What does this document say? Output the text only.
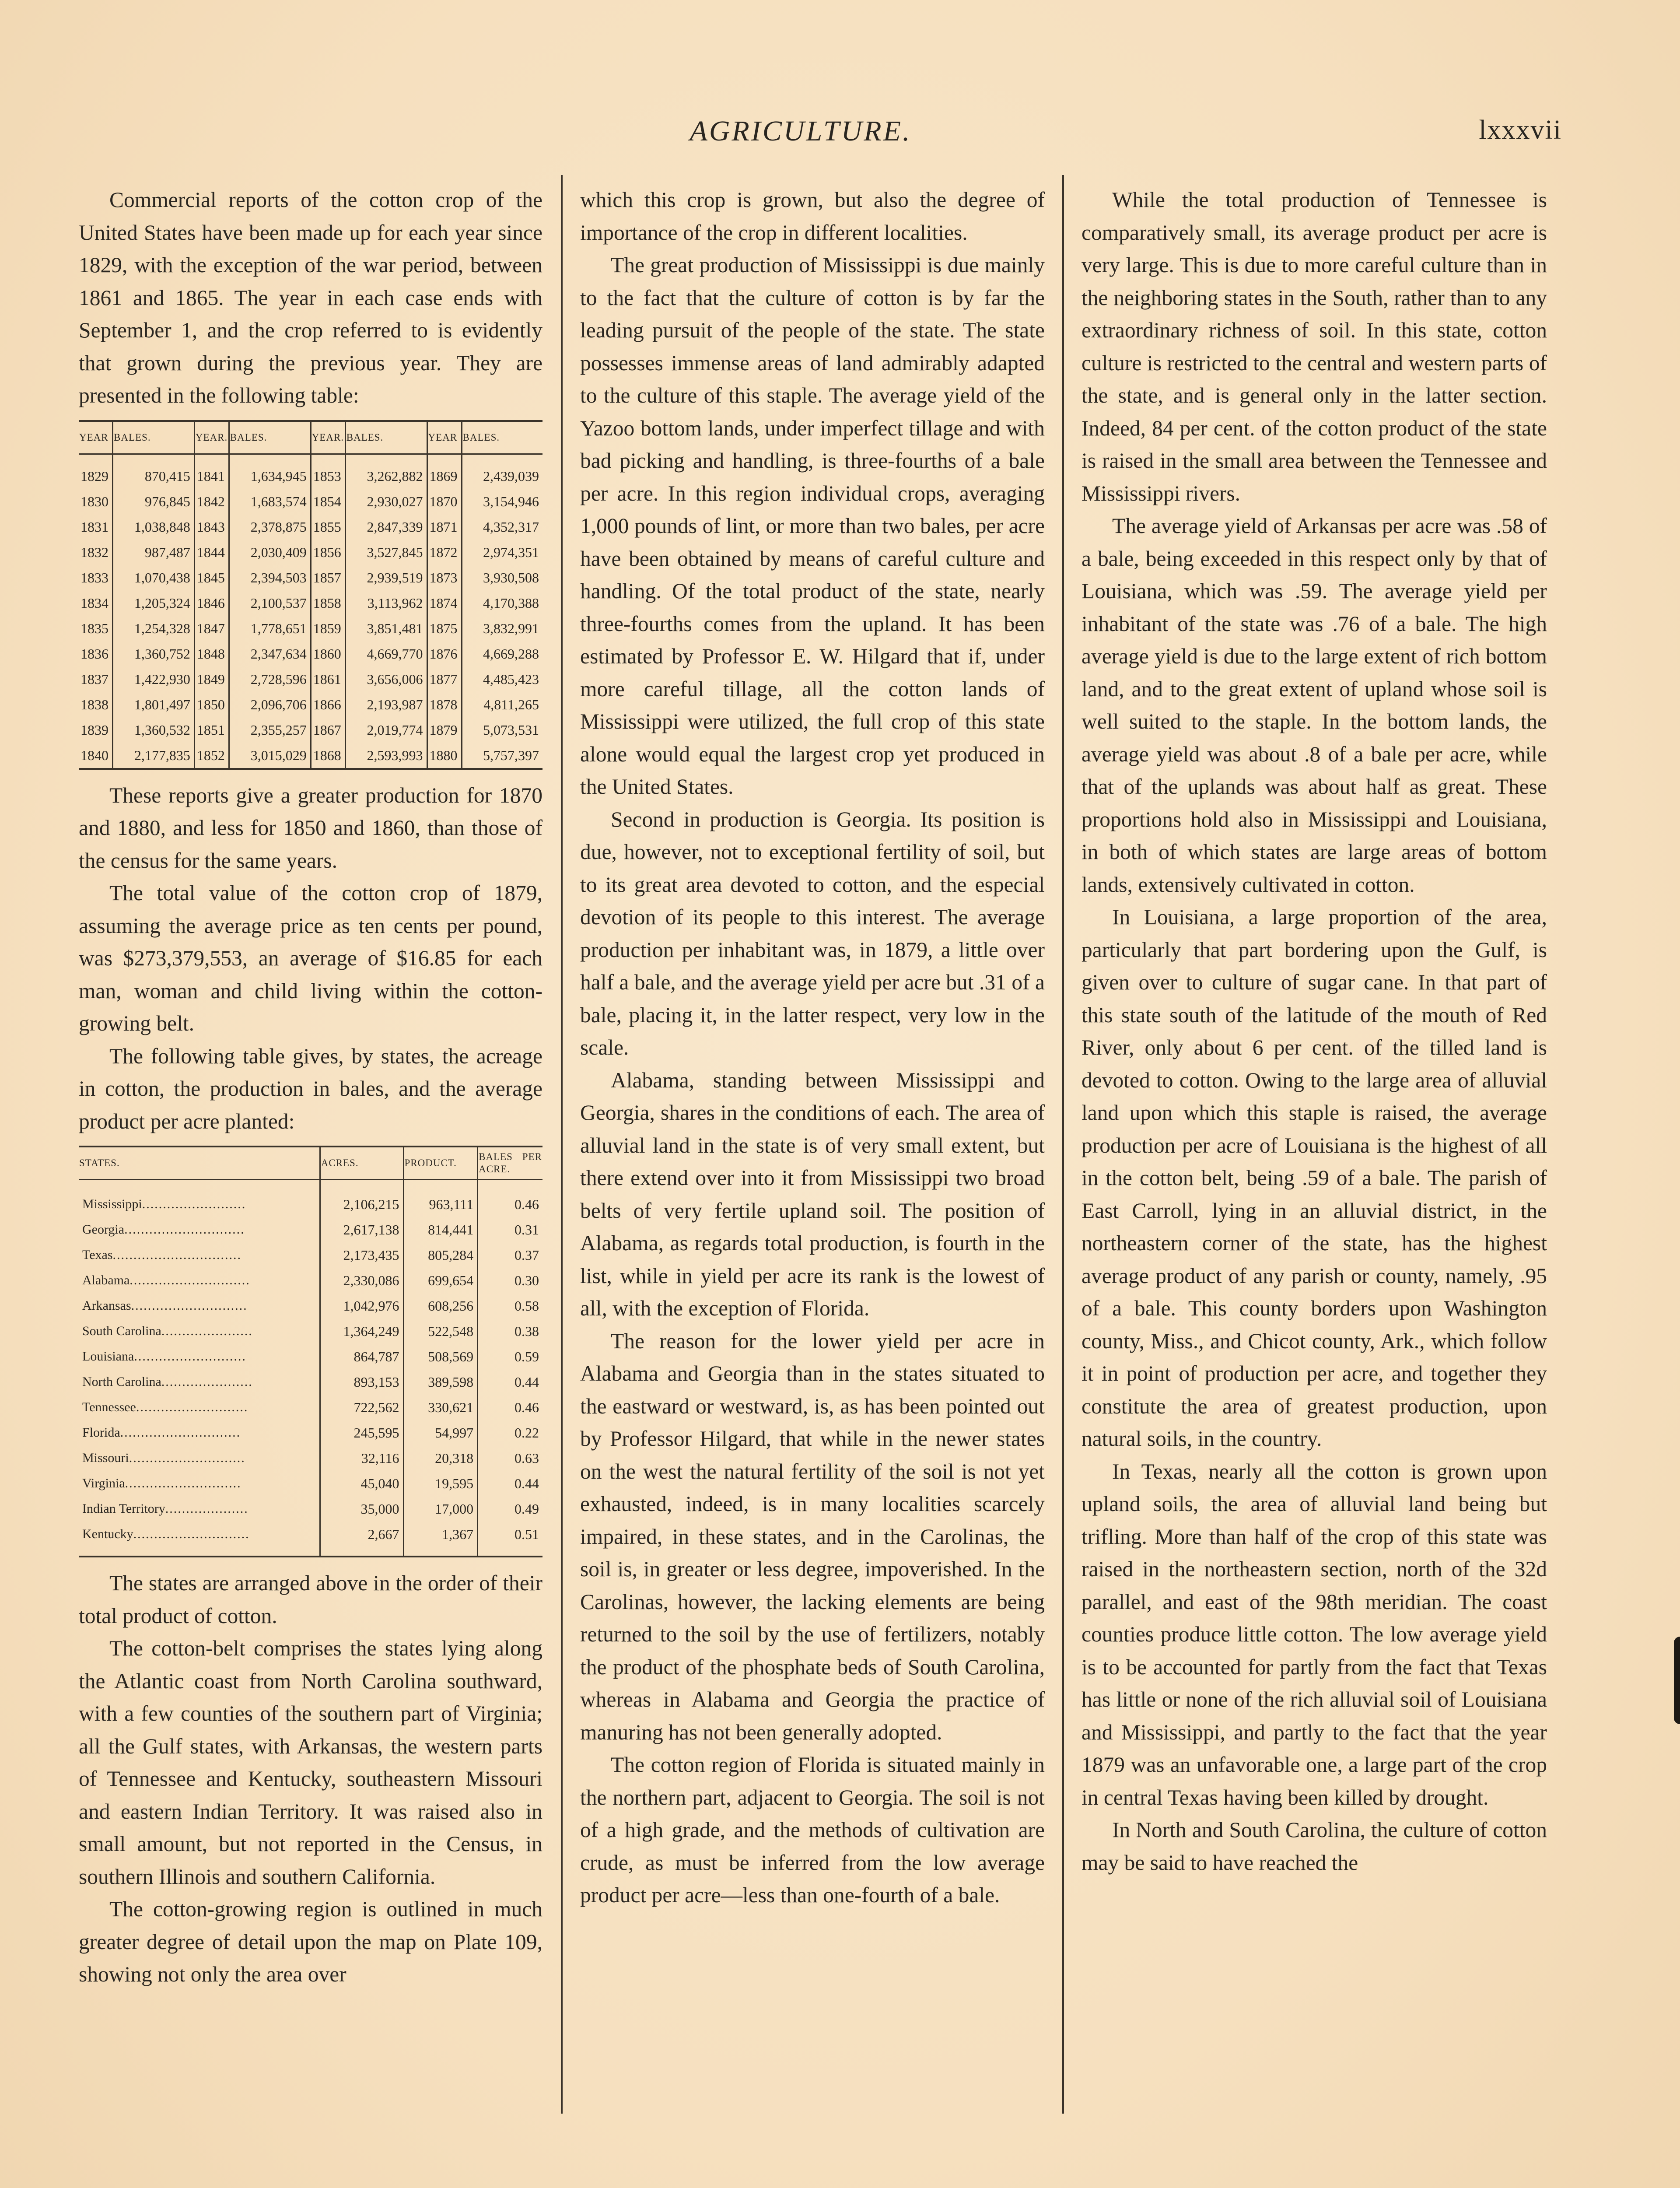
AGRICULTURE.	lxxxvii

Commercial reports of the cotton crop of the United States have been made up for each year since 1829, with the exception of the war period, between 1861 and 1865. The year in each case ends with September 1, and the crop referred to is evidently that grown during the previous year. They are presented in the following table:

YEAR	BALES.	YEAR.	BALES.	YEAR.	BALES.	YEAR	BALES.
1829	870,415	1841	1,634,945	1853	3,262,882	1869	2,439,039
1830	976,845	1842	1,683,574	1854	2,930,027	1870	3,154,946
1831	1,038,848	1843	2,378,875	1855	2,847,339	1871	4,352,317
1832	987,487	1844	2,030,409	1856	3,527,845	1872	2,974,351
1833	1,070,438	1845	2,394,503	1857	2,939,519	1873	3,930,508
1834	1,205,324	1846	2,100,537	1858	3,113,962	1874	4,170,388
1835	1,254,328	1847	1,778,651	1859	3,851,481	1875	3,832,991
1836	1,360,752	1848	2,347,634	1860	4,669,770	1876	4,669,288
1837	1,422,930	1849	2,728,596	1861	3,656,006	1877	4,485,423
1838	1,801,497	1850	2,096,706	1866	2,193,987	1878	4,811,265
1839	1,360,532	1851	2,355,257	1867	2,019,774	1879	5,073,531
1840	2,177,835	1852	3,015,029	1868	2,593,993	1880	5,757,397

These reports give a greater production for 1870 and 1880, and less for 1850 and 1860, than those of the census for the same years.

The total value of the cotton crop of 1879, assuming the average price as ten cents per pound, was $273,379,553, an average of $16.85 for each man, woman and child living within the cotton-growing belt.

The following table gives, by states, the acreage in cotton, the production in bales, and the average product per acre planted:

STATES.	ACRES.	PRODUCT.	BALES PER ACRE.
Mississippi.........................	2,106,215	963,111	0.46
Georgia.............................	2,617,138	814,441	0.31
Texas...............................	2,173,435	805,284	0.37
Alabama.............................	2,330,086	699,654	0.30
Arkansas............................	1,042,976	608,256	0.58
South Carolina......................	1,364,249	522,548	0.38
Louisiana...........................	864,787	508,569	0.59
North Carolina......................	893,153	389,598	0.44
Tennessee...........................	722,562	330,621	0.46
Florida.............................	245,595	54,997	0.22
Missouri............................	32,116	20,318	0.63
Virginia............................	45,040	19,595	0.44
Indian Territory....................	35,000	17,000	0.49
Kentucky............................	2,667	1,367	0.51

The states are arranged above in the order of their total product of cotton.

The cotton-belt comprises the states lying along the Atlantic coast from North Carolina southward, with a few counties of the southern part of Virginia; all the Gulf states, with Arkansas, the western parts of Tennessee and Kentucky, southeastern Missouri and eastern Indian Territory. It was raised also in small amount, but not reported in the Census, in southern Illinois and southern California.

The cotton-growing region is outlined in much greater degree of detail upon the map on Plate 109, showing not only the area over

which this crop is grown, but also the degree of importance of the crop in different localities.

The great production of Mississippi is due mainly to the fact that the culture of cotton is by far the leading pursuit of the people of the state. The state possesses immense areas of land admirably adapted to the culture of this staple. The average yield of the Yazoo bottom lands, under imperfect tillage and with bad picking and handling, is three-fourths of a bale per acre. In this region individual crops, averaging 1,000 pounds of lint, or more than two bales, per acre have been obtained by means of careful culture and handling. Of the total product of the state, nearly three-fourths comes from the upland. It has been estimated by Professor E. W. Hilgard that if, under more careful tillage, all the cotton lands of Mississippi were utilized, the full crop of this state alone would equal the largest crop yet produced in the United States.

Second in production is Georgia. Its position is due, however, not to exceptional fertility of soil, but to its great area devoted to cotton, and the especial devotion of its people to this interest. The average production per inhabitant was, in 1879, a little over half a bale, and the average yield per acre but .31 of a bale, placing it, in the latter respect, very low in the scale.

Alabama, standing between Mississippi and Georgia, shares in the conditions of each. The area of alluvial land in the state is of very small extent, but there extend over into it from Mississippi two broad belts of very fertile upland soil. The position of Alabama, as regards total production, is fourth in the list, while in yield per acre its rank is the lowest of all, with the exception of Florida.

The reason for the lower yield per acre in Alabama and Georgia than in the states situated to the eastward or westward, is, as has been pointed out by Professor Hilgard, that while in the newer states on the west the natural fertility of the soil is not yet exhausted, indeed, is in many localities scarcely impaired, in these states, and in the Carolinas, the soil is, in greater or less degree, impoverished. In the Carolinas, however, the lacking elements are being returned to the soil by the use of fertilizers, notably the product of the phosphate beds of South Carolina, whereas in Alabama and Georgia the practice of manuring has not been generally adopted.

The cotton region of Florida is situated mainly in the northern part, adjacent to Georgia. The soil is not of a high grade, and the methods of cultivation are crude, as must be inferred from the low average product per acre—less than one-fourth of a bale.

While the total production of Tennessee is comparatively small, its average product per acre is very large. This is due to more careful culture than in the neighboring states in the South, rather than to any extraordinary richness of soil. In this state, cotton culture is restricted to the central and western parts of the state, and is general only in the latter section. Indeed, 84 per cent. of the cotton product of the state is raised in the small area between the Tennessee and Mississippi rivers.

The average yield of Arkansas per acre was .58 of a bale, being exceeded in this respect only by that of Louisiana, which was .59. The average yield per inhabitant of the state was .76 of a bale. The high average yield is due to the large extent of rich bottom land, and to the great extent of upland whose soil is well suited to the staple. In the bottom lands, the average yield was about .8 of a bale per acre, while that of the uplands was about half as great. These proportions hold also in Mississippi and Louisiana, in both of which states are large areas of bottom lands, extensively cultivated in cotton.

In Louisiana, a large proportion of the area, particularly that part bordering upon the Gulf, is given over to culture of sugar cane. In that part of this state south of the latitude of the mouth of Red River, only about 6 per cent. of the tilled land is devoted to cotton. Owing to the large area of alluvial land upon which this staple is raised, the average production per acre of Louisiana is the highest of all in the cotton belt, being .59 of a bale. The parish of East Carroll, lying in an alluvial district, in the northeastern corner of the state, has the highest average product of any parish or county, namely, .95 of a bale. This county borders upon Washington county, Miss., and Chicot county, Ark., which follow it in point of production per acre, and together they constitute the area of greatest production, upon natural soils, in the country.

In Texas, nearly all the cotton is grown upon upland soils, the area of alluvial land being but trifling. More than half of the crop of this state was raised in the northeastern section, north of the 32d parallel, and east of the 98th meridian. The coast counties produce little cotton. The low average yield is to be accounted for partly from the fact that Texas has little or none of the rich alluvial soil of Louisiana and Mississippi, and partly to the fact that the year 1879 was an unfavorable one, a large part of the crop in central Texas having been killed by drought.

In North and South Carolina, the culture of cotton may be said to have reached the
